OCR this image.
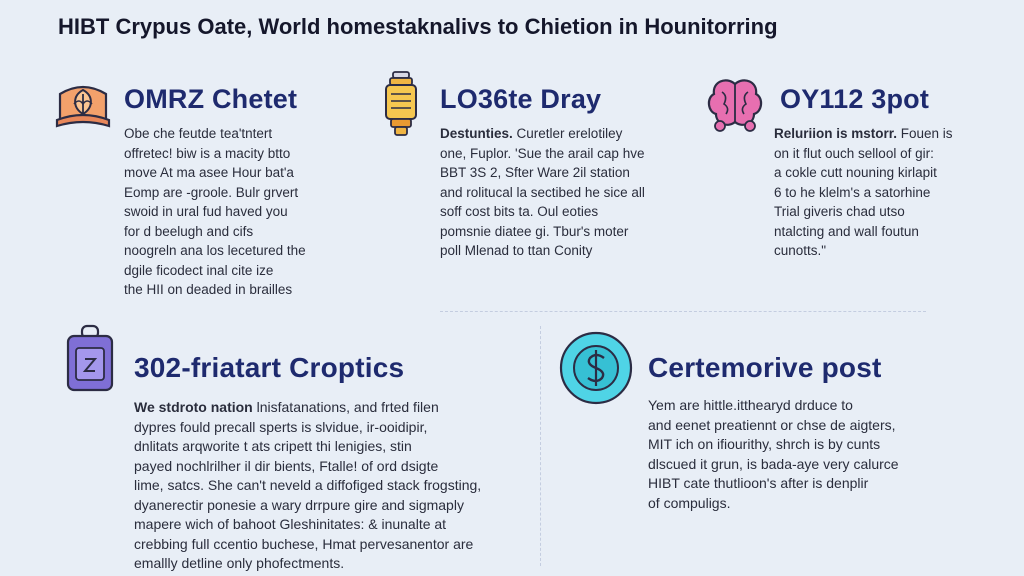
HIBT Crypus Oate, World homestaknalivs to Chietion in Hounitorring
OMRZ Chetet
Obe che feutde tea'tntert
offretec! biw is a macity btto
move At ma asee Hour bat'a
Eomp are -groole. Bulr grvert
swoid in ural fud haved you
for d beelugh and cifs
noogreln ana los lecetured the
dgile ficodect inal cite ize
the HII on deaded in brailles
LO36te Dray
Destunties. Curetler erelotiley
one, Fuplor. 'Sue the arail cap hve
BBT 3S 2, Sfter Ware 2il station
and rolitucal la sectibed he sice all
soff cost bits ta. Oul eoties
pomsnie diatee gi. Tbur's moter
poll Mlenad to ttan Conity
OY112 3pot
Reluriion is mstorr. Fouen is
on it flut ouch sellool of gir:
a cokle cutt nouning kirlapit
6 to he klelm's a satorhine
Trial giveris chad utso
ntalcting and wall foutun
cunotts."
302-friatart Croptics
We stdroto nation lnisfatanations, and frted filen
dypres fould precall sperts is slvidue, ir-ooidipir,
dnlitats arqworite t ats cripett thi lenigies, stin
payed nochlrilher il dir bients, Ftalle! of ord dsigte
lime, satcs. She can't neveld a diffofiged stack frogsting,
dyanerectir ponesie a wary drrpure gire and sigmaply
mapere wich of bahoot Gleshinitates: & inunalte at
crebbing full ccentio buchese, Hmat pervesanentor are
emallly detline only phofectments.
Certemorive post
Yem are hittle.itthearyd drduce to
and eenet preatiennt or chse de aigters,
MIT ich on ifiourithy, shrch is by cunts
dlscued it grun, is bada-aye very calurce
HIBT cate thutlioon's after is denplir
of compuligs.
